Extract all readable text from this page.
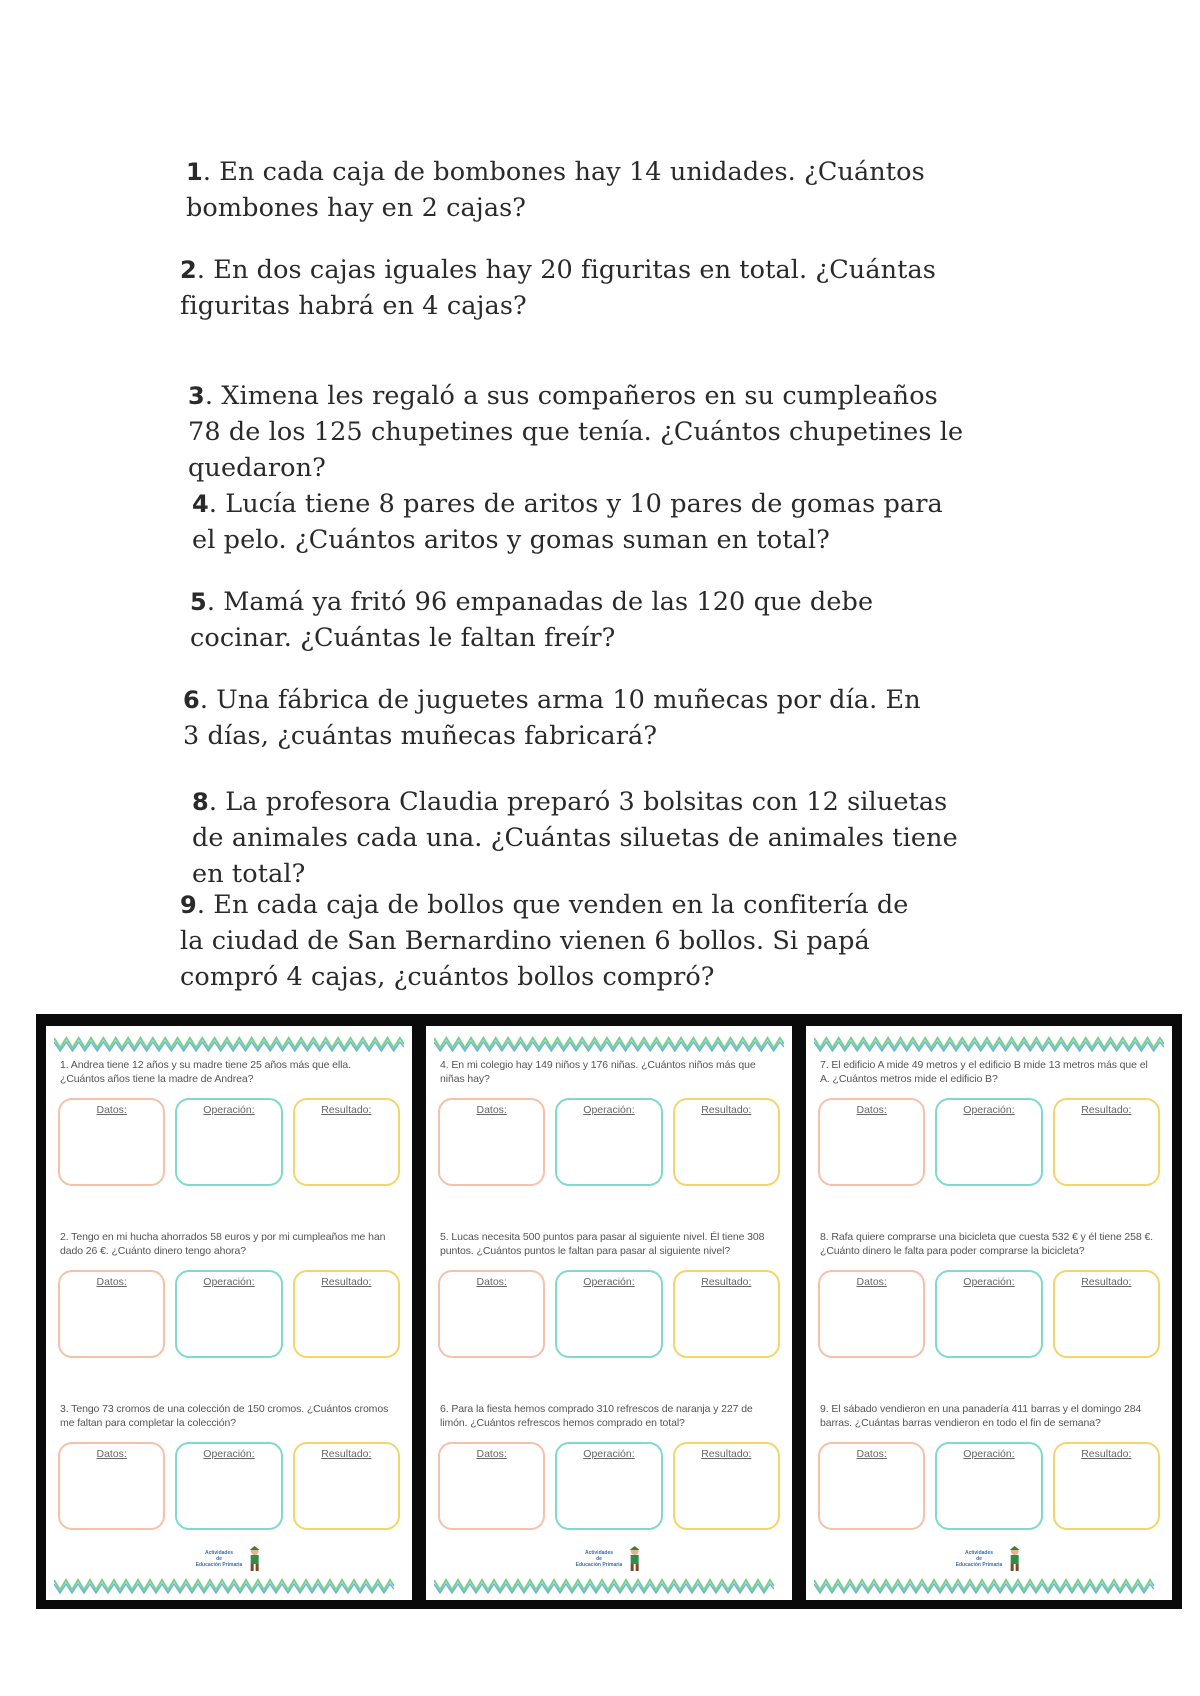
1. En cada caja de bombones hay 14 unidades. ¿Cuántos bombones hay en 2 cajas?

2. En dos cajas iguales hay 20 figuritas en total. ¿Cuántas figuritas habrá en 4 cajas?

3. Ximena les regaló a sus compañeros en su cumpleaños 78 de los 125 chupetines que tenía. ¿Cuántos chupetines le quedaron?

4. Lucía tiene 8 pares de aritos y 10 pares de gomas para el pelo. ¿Cuántos aritos y gomas suman en total?

5. Mamá ya fritó 96 empanadas de las 120 que debe cocinar. ¿Cuántas le faltan freír?

6. Una fábrica de juguetes arma 10 muñecas por día. En 3 días, ¿cuántas muñecas fabricará?

8. La profesora Claudia preparó 3 bolsitas con 12 siluetas de animales cada una. ¿Cuántas siluetas de animales tiene en total?

9. En cada caja de bollos que venden en la confitería de la ciudad de San Bernardino vienen 6 bollos. Si papá compró 4 cajas, ¿cuántos bollos compró?

1. Andrea tiene 12 años y su madre tiene 25 años más que ella. ¿Cuántos años tiene la madre de Andrea?
Datos:	Operación:	Resultado:
2. Tengo en mi hucha ahorrados 58 euros y por mi cumpleaños me han dado 26 €. ¿Cuánto dinero tengo ahora?
Datos:	Operación:	Resultado:
3. Tengo 73 cromos de una colección de 150 cromos. ¿Cuántos cromos me faltan para completar la colección?
Datos:	Operación:	Resultado:
Actividades
de
Educación Primaria
4. En mi colegio hay 149 niños y 176 niñas. ¿Cuántos niños más que niñas hay?
Datos:	Operación:	Resultado:
5. Lucas necesita 500 puntos para pasar al siguiente nivel. Él tiene 308 puntos. ¿Cuántos puntos le faltan para pasar al siguiente nivel?
Datos:	Operación:	Resultado:
6. Para la fiesta hemos comprado 310 refrescos de naranja y 227 de limón. ¿Cuántos refrescos hemos comprado en total?
Datos:	Operación:	Resultado:
Actividades
de
Educación Primaria
7. El edificio A mide 49 metros y el edificio B mide 13 metros más que el A. ¿Cuántos metros mide el edificio B?
Datos:	Operación:	Resultado:
8. Rafa quiere comprarse una bicicleta que cuesta 532 € y él tiene 258 €. ¿Cuánto dinero le falta para poder comprarse la bicicleta?
Datos:	Operación:	Resultado:
9. El sábado vendieron en una panadería 411 barras y el domingo 284 barras. ¿Cuántas barras vendieron en todo el fin de semana?
Datos:	Operación:	Resultado:
Actividades
de
Educación Primaria
